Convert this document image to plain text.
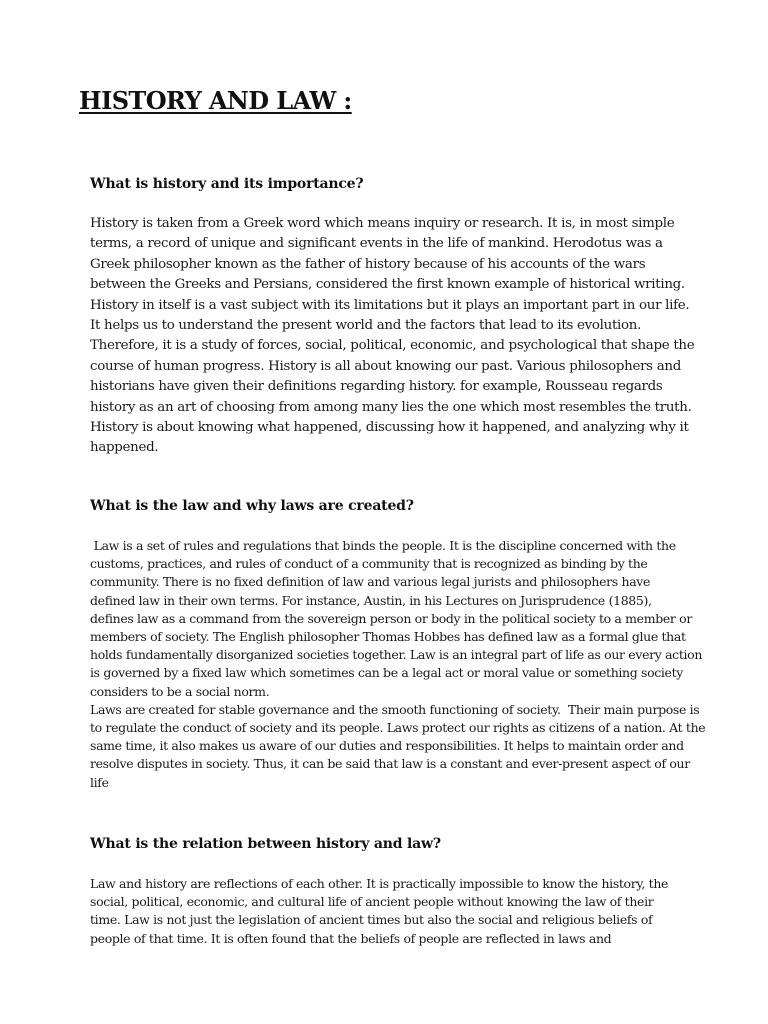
HISTORY AND LAW :
What is history and its importance?
History is taken from a Greek word which means inquiry or research. It is, in most simple
terms, a record of unique and significant events in the life of mankind. Herodotus was a
Greek philosopher known as the father of history because of his accounts of the wars
between the Greeks and Persians, considered the first known example of historical writing.
History in itself is a vast subject with its limitations but it plays an important part in our life.
It helps us to understand the present world and the factors that lead to its evolution.
Therefore, it is a study of forces, social, political, economic, and psychological that shape the
course of human progress. History is all about knowing our past. Various philosophers and
historians have given their definitions regarding history. for example, Rousseau regards
history as an art of choosing from among many lies the one which most resembles the truth.
History is about knowing what happened, discussing how it happened, and analyzing why it
happened.
What is the law and why laws are created?
Law is a set of rules and regulations that binds the people. It is the discipline concerned with the
customs, practices, and rules of conduct of a community that is recognized as binding by the
community. There is no fixed definition of law and various legal jurists and philosophers have
defined law in their own terms. For instance, Austin, in his Lectures on Jurisprudence (1885),
defines law as a command from the sovereign person or body in the political society to a member or
members of society. The English philosopher Thomas Hobbes has defined law as a formal glue that
holds fundamentally disorganized societies together. Law is an integral part of life as our every action
is governed by a fixed law which sometimes can be a legal act or moral value or something society
considers to be a social norm.
Laws are created for stable governance and the smooth functioning of society.  Their main purpose is
to regulate the conduct of society and its people. Laws protect our rights as citizens of a nation. At the
same time, it also makes us aware of our duties and responsibilities. It helps to maintain order and
resolve disputes in society. Thus, it can be said that law is a constant and ever-present aspect of our
life
What is the relation between history and law?
Law and history are reflections of each other. It is practically impossible to know the history, the
social, political, economic, and cultural life of ancient people without knowing the law of their
time. Law is not just the legislation of ancient times but also the social and religious beliefs of
people of that time. It is often found that the beliefs of people are reflected in laws and
